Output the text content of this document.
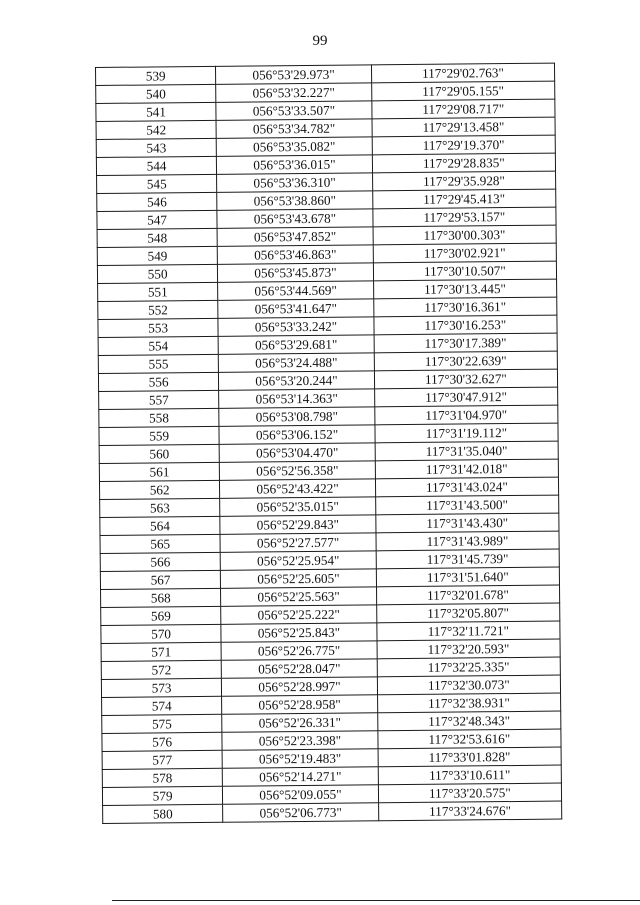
99
539	056°53'29.973"	117°29'02.763"
540	056°53'32.227"	117°29'05.155"
541	056°53'33.507"	117°29'08.717"
542	056°53'34.782"	117°29'13.458"
543	056°53'35.082"	117°29'19.370"
544	056°53'36.015"	117°29'28.835"
545	056°53'36.310"	117°29'35.928"
546	056°53'38.860"	117°29'45.413"
547	056°53'43.678"	117°29'53.157"
548	056°53'47.852"	117°30'00.303"
549	056°53'46.863"	117°30'02.921"
550	056°53'45.873"	117°30'10.507"
551	056°53'44.569"	117°30'13.445"
552	056°53'41.647"	117°30'16.361"
553	056°53'33.242"	117°30'16.253"
554	056°53'29.681"	117°30'17.389"
555	056°53'24.488"	117°30'22.639"
556	056°53'20.244"	117°30'32.627"
557	056°53'14.363"	117°30'47.912"
558	056°53'08.798"	117°31'04.970"
559	056°53'06.152"	117°31'19.112"
560	056°53'04.470"	117°31'35.040"
561	056°52'56.358"	117°31'42.018"
562	056°52'43.422"	117°31'43.024"
563	056°52'35.015"	117°31'43.500"
564	056°52'29.843"	117°31'43.430"
565	056°52'27.577"	117°31'43.989"
566	056°52'25.954"	117°31'45.739"
567	056°52'25.605"	117°31'51.640"
568	056°52'25.563"	117°32'01.678"
569	056°52'25.222"	117°32'05.807"
570	056°52'25.843"	117°32'11.721"
571	056°52'26.775"	117°32'20.593"
572	056°52'28.047"	117°32'25.335"
573	056°52'28.997"	117°32'30.073"
574	056°52'28.958"	117°32'38.931"
575	056°52'26.331"	117°32'48.343"
576	056°52'23.398"	117°32'53.616"
577	056°52'19.483"	117°33'01.828"
578	056°52'14.271"	117°33'10.611"
579	056°52'09.055"	117°33'20.575"
580	056°52'06.773"	117°33'24.676"
